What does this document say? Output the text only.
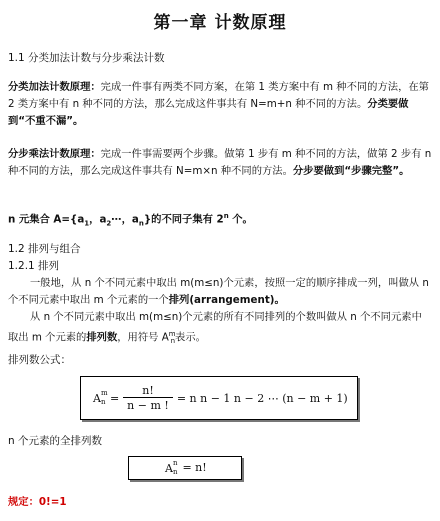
第一章 计数原理
1.1 分类加法计数与分步乘法计数
分类加法计数原理：完成一件事有两类不同方案，在第 1 类方案中有 m 种不同的方法，在第 2 类方案中有 n 种不同的方法，那么完成这件事共有 N=m+n 种不同的方法。分类要做到“不重不漏”。
分步乘法计数原理：完成一件事需要两个步骤。做第 1 步有 m 种不同的方法，做第 2 步有 n 种不同的方法，那么完成这件事共有 N=m×n 种不同的方法。分步要做到“步骤完整”。
n 元集合 $A=\{a_1$，$a_2\cdots$，$a_n$}的不同子集有 2$^n$ 个。
1.2 排列与组合
1.2.1 排列
一般地，从 n 个不同元素中取出 m(m≤n)个元素，按照一定的顺序排成一列，叫做从 n 个不同元素中取出 m 个元素的一个排列(arrangement)。
从 n 个不同元素中取出 m(m≤n)个元素的所有不同排列的个数叫做从 n 个不同元素中取出 m 个元素的排列数，用符号 $A^m_n$表示。
排列数公式：
A m
$n = \frac{n!}{n - m !} = n$ n − 1 n − 2 ⋯ (n − m + 1)
n 个元素的全排列数
A n
n = n!
规定：0!=1
